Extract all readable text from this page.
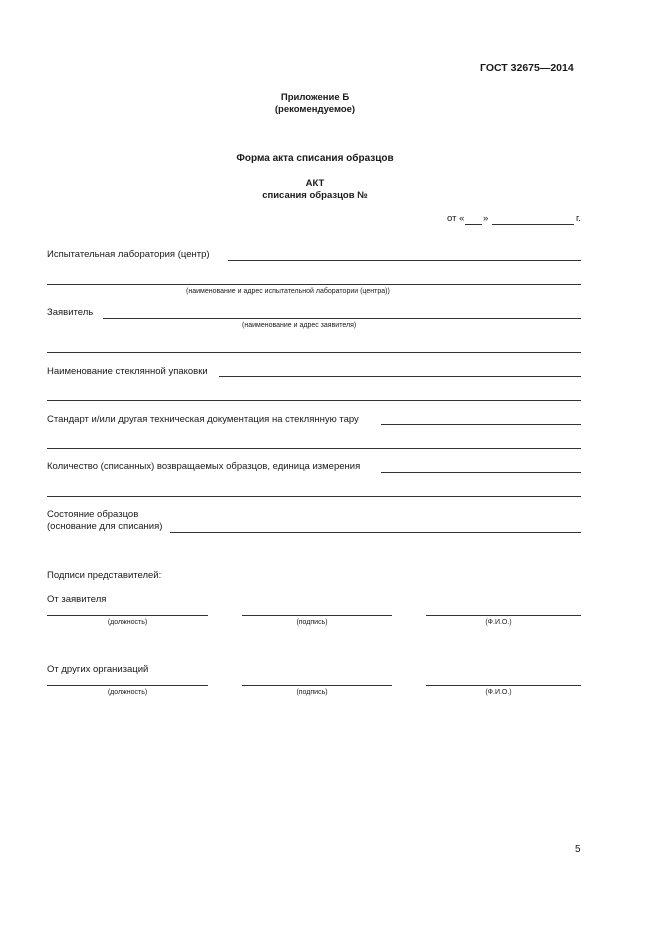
ГОСТ 32675—2014
Приложение Б
(рекомендуемое)
Форма акта списания образцов
АКТ
списания образцов №
от « »	г.
Испытательная лаборатория (центр)
(наименование и адрес испытательной лаборатории (центра))
Заявитель
(наименование и адрес заявителя)
Наименование стеклянной упаковки
Стандарт и/или другая техническая документация на стеклянную тару
Количество (списанных) возвращаемых образцов, единица измерения
Состояние образцов
(основание для списания)
Подписи представителей:
От заявителя
(должность)	(подпись)	(Ф.И.О.)
От других организаций
(должность)	(подпись)	(Ф.И.О.)
5
